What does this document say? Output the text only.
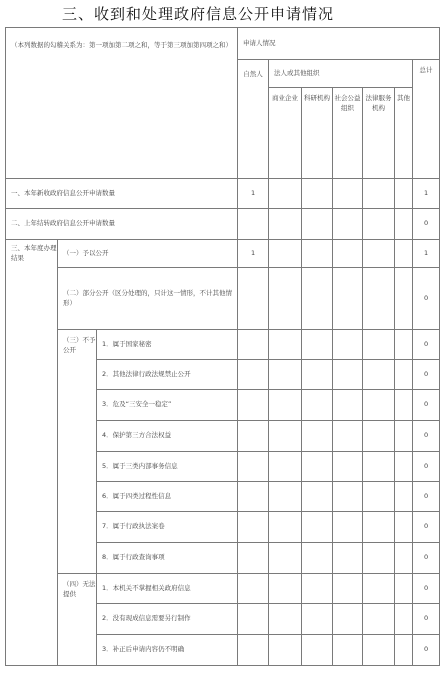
三、收到和处理政府信息公开申请情况
（本列数据的勾稽关系为：第一项加第二项之和，等于第三项加第四项之和）			申请人情况						
			自然人	法人或其他组织					总计
				商业企业	科研机构	社会公益组织	法律服务机构	其他	
一、本年新收政府信息公开申请数量			1						1
二、上年结转政府信息公开申请数量									0
三、本年度办理结果	（一）予以公开		1						1
	（二）部分公开（区分处理的，只计这一情形，不计其他情形）								0
	（三）不予公开	1．属于国家秘密							0
		2．其他法律行政法规禁止公开							0
		3．危及“三安全一稳定”							0
		4．保护第三方合法权益							0
		5．属于三类内部事务信息							0
		6．属于四类过程性信息							0
		7．属于行政执法案卷							0
		8．属于行政查询事项							0
	（四）无法提供	1．本机关不掌握相关政府信息							0
		2．没有现成信息需要另行制作							0
		3．补正后申请内容仍不明确							0
